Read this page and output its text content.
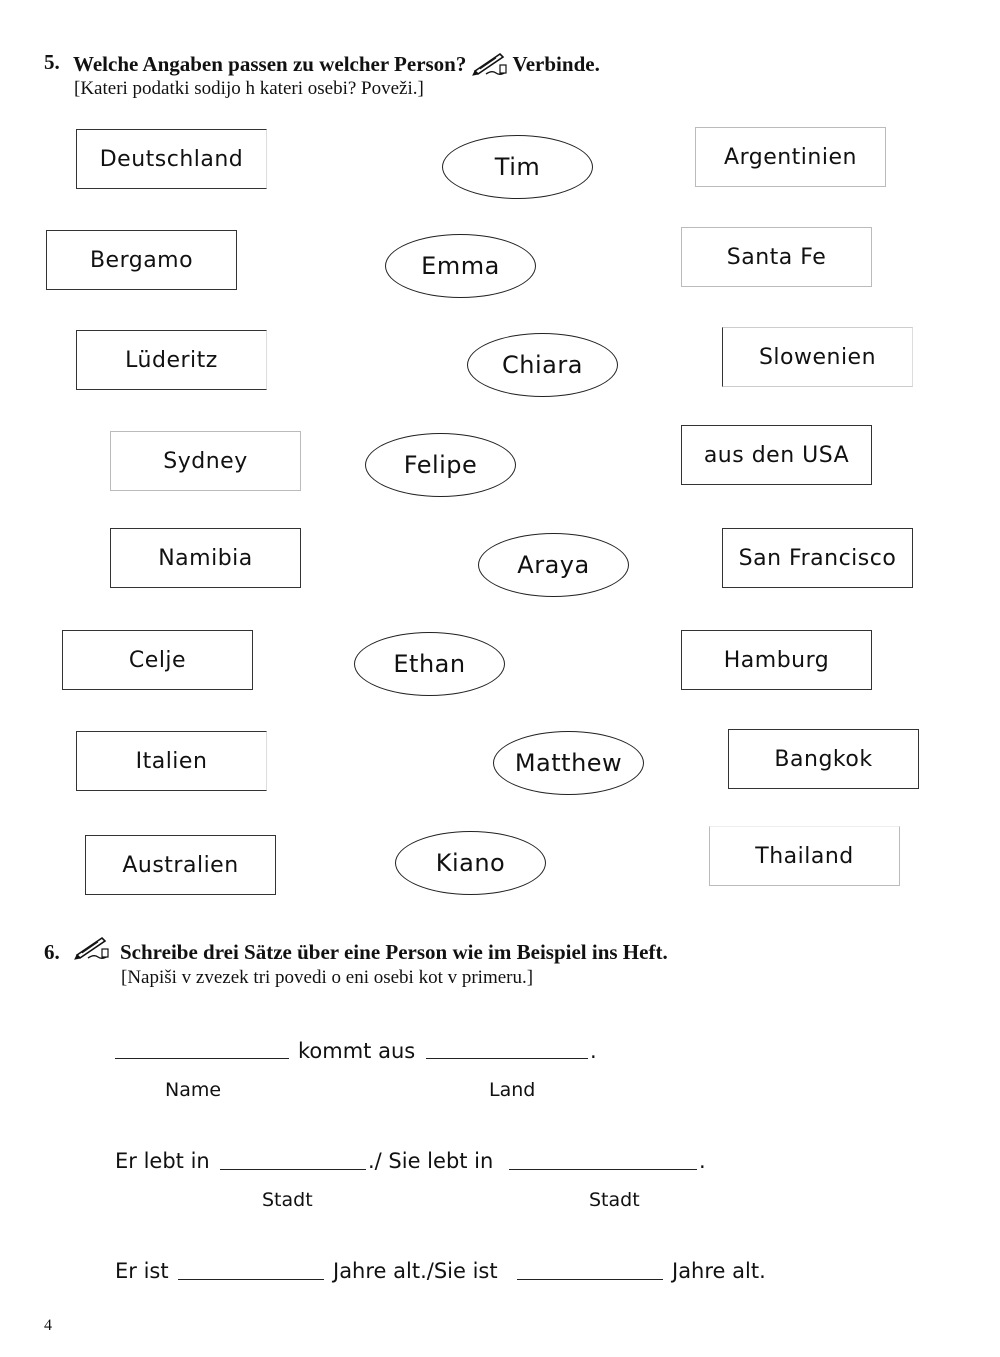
5. Welche Angaben passen zu welcher Person? Verbinde.
[Kateri podatki sodijo h kateri osebi? Poveži.]
Deutschland
Bergamo
Lüderitz
Sydney
Namibia
Celje
Italien
Australien
Tim
Emma
Chiara
Felipe
Araya
Ethan
Matthew
Kiano
Argentinien
Santa Fe
Slowenien
aus den USA
San Francisco
Hamburg
Bangkok
Thailand
6.	Schreibe drei Sätze über eine Person wie im Beispiel ins Heft.
[Napiši v zvezek tri povedi o eni osebi kot v primeru.]
kommt aus	.
Name	Land
Er lebt in	./ Sie lebt in	.
Stadt	Stadt
Er ist	Jahre alt./Sie ist	Jahre alt.
4
